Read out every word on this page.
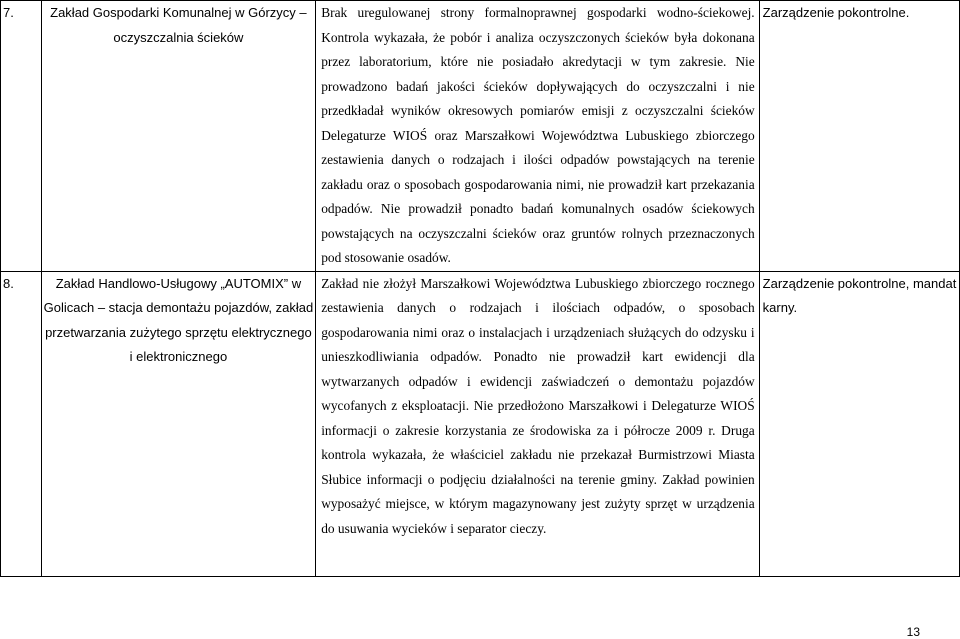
7.	Zakład Gospodarki Komunalnej w Górzycy – oczyszczalnia ścieków	Brak uregulowanej strony formalnoprawnej gospodarki wodno-ściekowej. Kontrola wykazała, że pobór i analiza oczyszczonych ścieków była dokonana przez laboratorium, które nie posiadało akredytacji w tym zakresie. Nie prowadzono badań jakości ścieków dopływających do oczyszczalni i nie przedkładał wyników okresowych pomiarów emisji z oczyszczalni ścieków Delegaturze WIOŚ oraz Marszałkowi Województwa Lubuskiego zbiorczego zestawienia danych o rodzajach i ilości odpadów powstających na terenie zakładu oraz o sposobach gospodarowania nimi, nie prowadził kart przekazania odpadów. Nie prowadził ponadto badań komunalnych osadów ściekowych powstających na oczyszczalni ścieków oraz gruntów rolnych przeznaczonych pod stosowanie osadów.	Zarządzenie pokontrolne.
8.	Zakład Handlowo-Usługowy „AUTOMIX” w Golicach – stacja demontażu pojazdów, zakład przetwarzania zużytego sprzętu elektrycznego i elektronicznego	Zakład nie złożył Marszałkowi Województwa Lubuskiego zbiorczego rocznego zestawienia danych o rodzajach i ilościach odpadów, o sposobach gospodarowania nimi oraz o instalacjach i urządzeniach służących do odzysku i unieszkodliwiania odpadów. Ponadto nie prowadził kart ewidencji dla wytwarzanych odpadów i ewidencji zaświadczeń o demontażu pojazdów wycofanych z eksploatacji. Nie przedłożono Marszałkowi i Delegaturze WIOŚ informacji o zakresie korzystania ze środowiska za i półrocze 2009 r. Druga kontrola wykazała, że właściciel zakładu nie przekazał Burmistrzowi Miasta Słubice informacji o podjęciu działalności na terenie gminy. Zakład powinien wyposażyć miejsce, w którym magazynowany jest zużyty sprzęt w urządzenia do usuwania wycieków i separator cieczy.	Zarządzenie pokontrolne, mandat karny.
13
